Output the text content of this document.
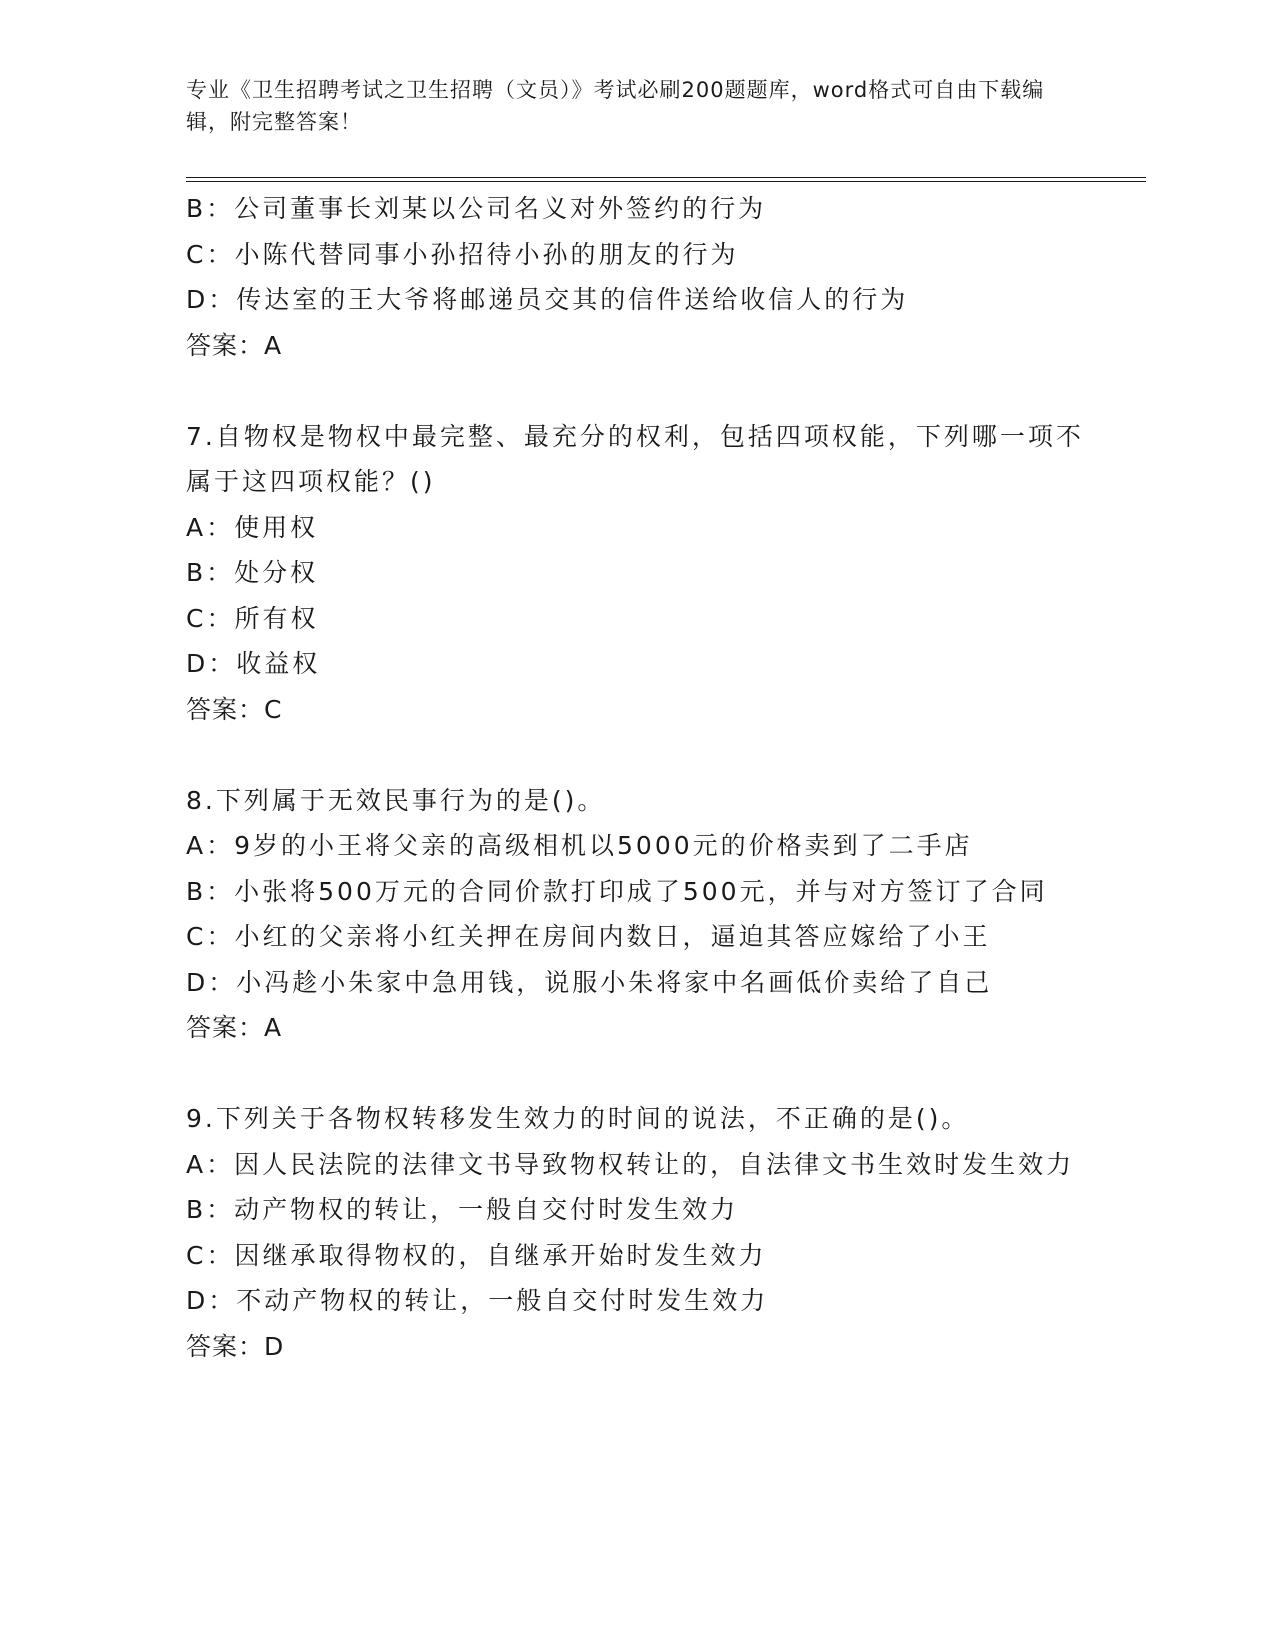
专业《卫生招聘考试之卫生招聘（文员）》考试必刷200题题库，word格式可自由下载编辑，附完整答案！
B：公司董事长刘某以公司名义对外签约的行为
C：小陈代替同事小孙招待小孙的朋友的行为
D：传达室的王大爷将邮递员交其的信件送给收信人的行为
答案：A
7.自物权是物权中最完整、最充分的权利，包括四项权能，下列哪一项不属于这四项权能？()
A：使用权
B：处分权
C：所有权
D：收益权
答案：C
8.下列属于无效民事行为的是()。
A：9岁的小王将父亲的高级相机以5000元的价格卖到了二手店
B：小张将500万元的合同价款打印成了500元，并与对方签订了合同
C：小红的父亲将小红关押在房间内数日，逼迫其答应嫁给了小王
D：小冯趁小朱家中急用钱，说服小朱将家中名画低价卖给了自己
答案：A
9.下列关于各物权转移发生效力的时间的说法，不正确的是()。
A：因人民法院的法律文书导致物权转让的，自法律文书生效时发生效力
B：动产物权的转让，一般自交付时发生效力
C：因继承取得物权的，自继承开始时发生效力
D：不动产物权的转让，一般自交付时发生效力
答案：D
